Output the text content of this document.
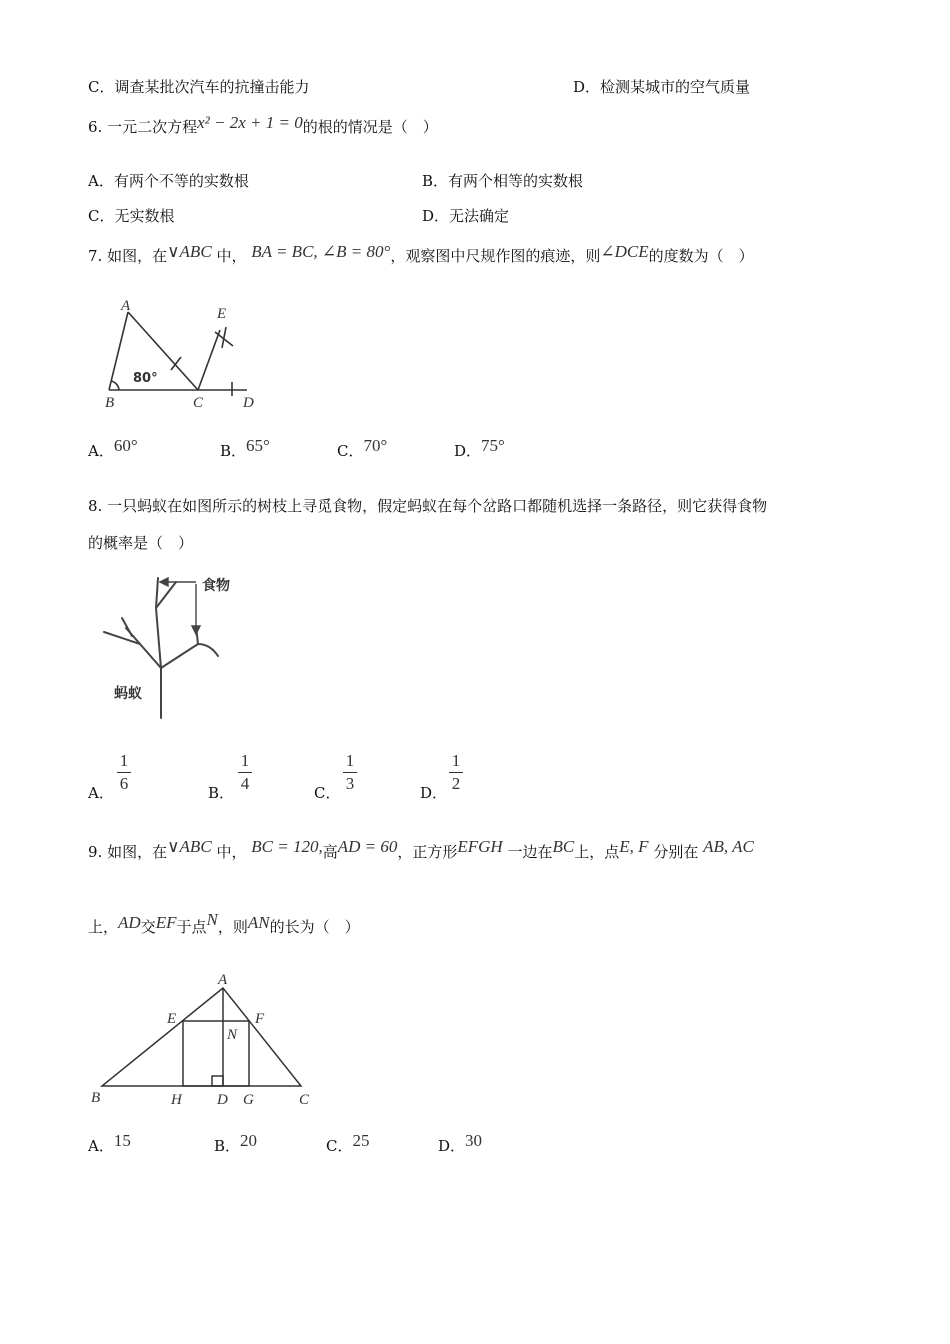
C．调查某批次汽车的抗撞击能力	D．检测某城市的空气质量
6. 一元二次方程x² − 2x + 1 = 0的根的情况是（　）
A．有两个不等的实数根	B．有两个相等的实数根
C．无实数根	D．无法确定
7. 如图，在∨ABC 中， BA = BC, ∠B = 80°，观察图中尺规作图的痕迹，则∠DCE的度数为（　）
A
B	C	D
E
80°
A．60°	B．65°	C．70°	D．75°
8. 一只蚂蚁在如图所示的树枝上寻觅食物，假定蚂蚁在每个岔路口都随机选择一条路径，则它获得食物
的概率是（　）
食物
蚂蚁
A．
1
6	B．
1
4	C．
1
3	D．
1
2
9. 如图，在∨ABC 中， BC = 120,高AD = 60，正方形EFGH 一边在BC上，点E, F 分别在 AB, AC
上，AD交EF于点N，则AN的长为（　）
A
B	C
D
E	F
G
H
N
A．15	B．20	C．25	D．30
